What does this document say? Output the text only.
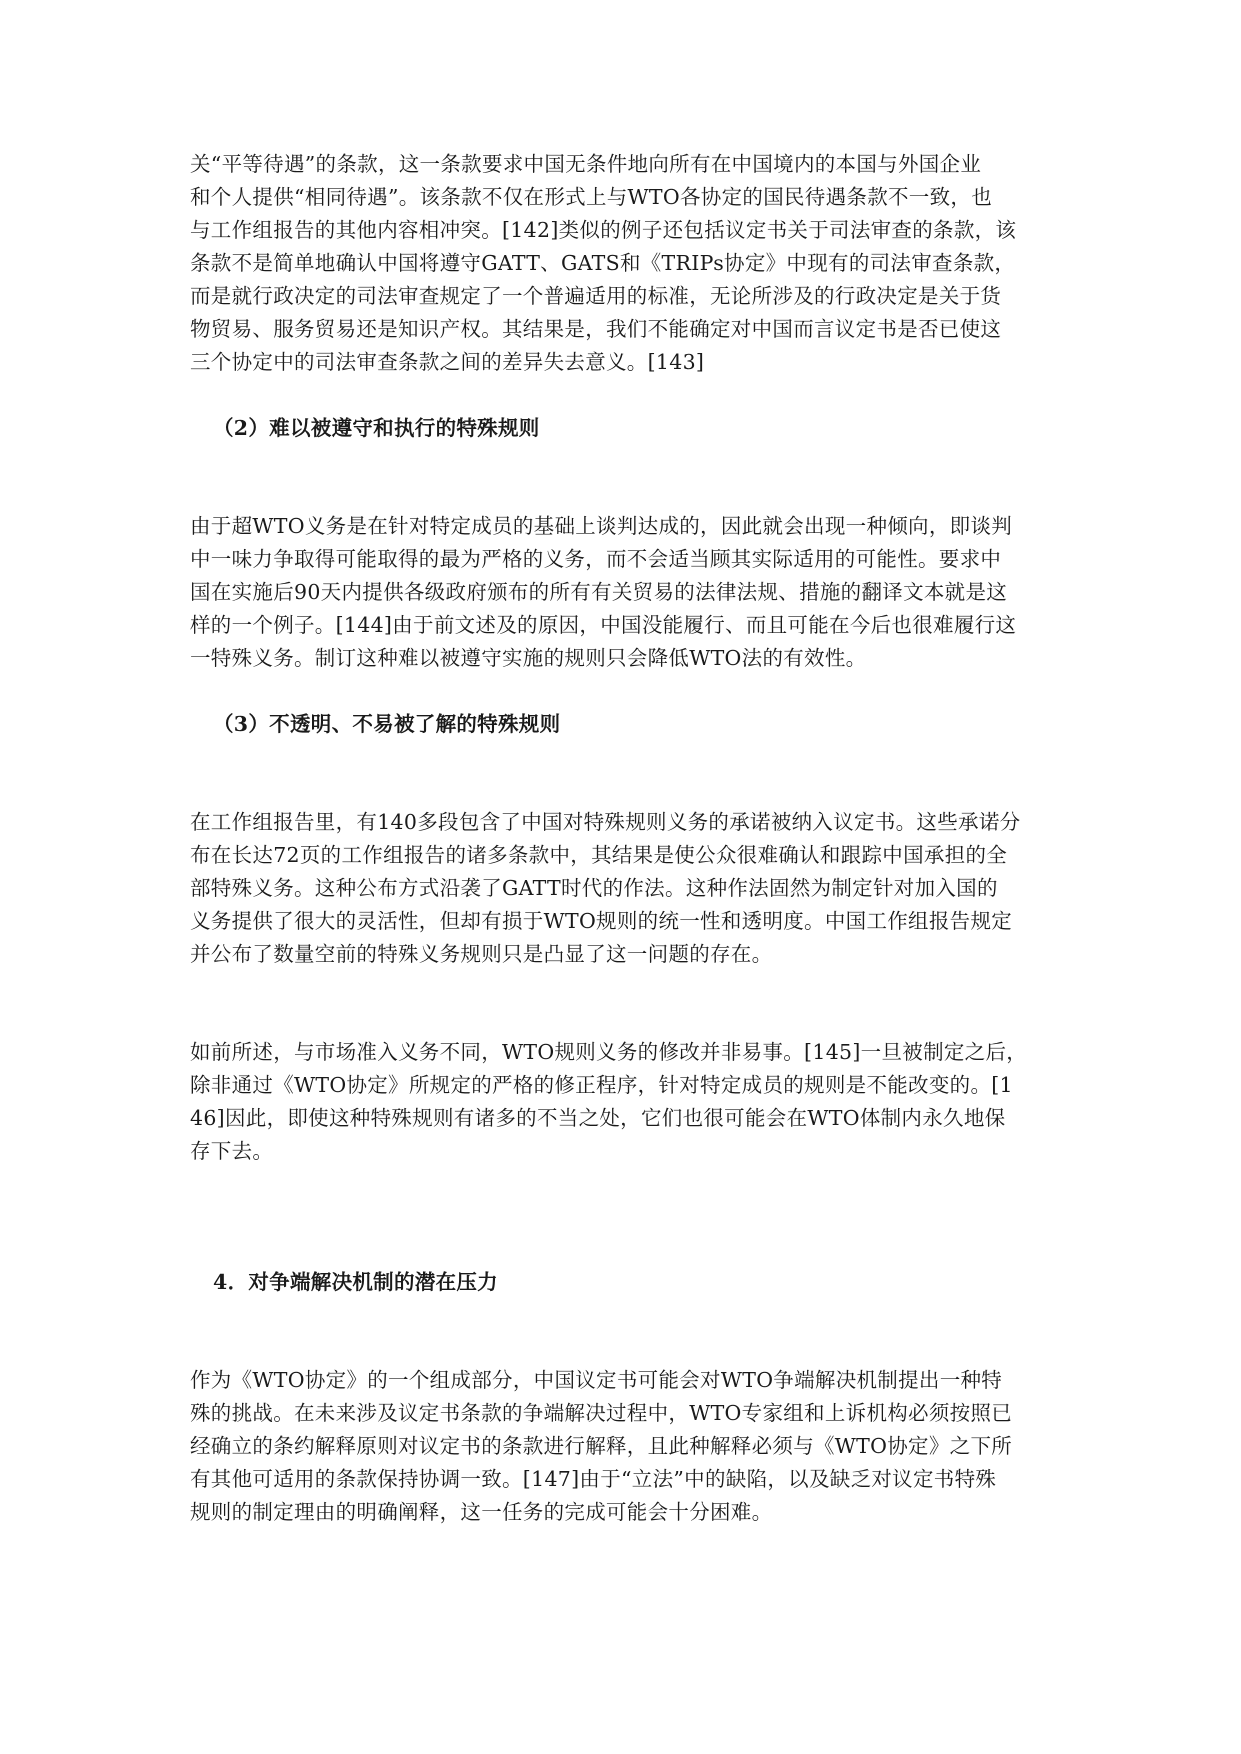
关“平等待遇”的条款，这一条款要求中国无条件地向所有在中国境内的本国与外国企业
和个人提供“相同待遇”。该条款不仅在形式上与WTO各协定的国民待遇条款不一致，也
与工作组报告的其他内容相冲突。[142]类似的例子还包括议定书关于司法审查的条款，该
条款不是简单地确认中国将遵守GATT、GATS和《TRIPs协定》中现有的司法审查条款，
而是就行政决定的司法审查规定了一个普遍适用的标准，无论所涉及的行政决定是关于货
物贸易、服务贸易还是知识产权。其结果是，我们不能确定对中国而言议定书是否已使这
三个协定中的司法审查条款之间的差异失去意义。[143]

（2）难以被遵守和执行的特殊规则

由于超WTO义务是在针对特定成员的基础上谈判达成的，因此就会出现一种倾向，即谈判
中一味力争取得可能取得的最为严格的义务，而不会适当顾其实际适用的可能性。要求中
国在实施后90天内提供各级政府颁布的所有有关贸易的法律法规、措施的翻译文本就是这
样的一个例子。[144]由于前文述及的原因，中国没能履行、而且可能在今后也很难履行这
一特殊义务。制订这种难以被遵守实施的规则只会降低WTO法的有效性。

（3）不透明、不易被了解的特殊规则

在工作组报告里，有140多段包含了中国对特殊规则义务的承诺被纳入议定书。这些承诺分
布在长达72页的工作组报告的诸多条款中，其结果是使公众很难确认和跟踪中国承担的全
部特殊义务。这种公布方式沿袭了GATT时代的作法。这种作法固然为制定针对加入国的
义务提供了很大的灵活性，但却有损于WTO规则的统一性和透明度。中国工作组报告规定
并公布了数量空前的特殊义务规则只是凸显了这一问题的存在。

如前所述，与市场准入义务不同，WTO规则义务的修改并非易事。[145]一旦被制定之后，
除非通过《WTO协定》所规定的严格的修正程序，针对特定成员的规则是不能改变的。[1
46]因此，即使这种特殊规则有诸多的不当之处，它们也很可能会在WTO体制内永久地保
存下去。

4．对争端解决机制的潜在压力

作为《WTO协定》的一个组成部分，中国议定书可能会对WTO争端解决机制提出一种特
殊的挑战。在未来涉及议定书条款的争端解决过程中，WTO专家组和上诉机构必须按照已
经确立的条约解释原则对议定书的条款进行解释，且此种解释必须与《WTO协定》之下所
有其他可适用的条款保持协调一致。[147]由于“立法”中的缺陷，以及缺乏对议定书特殊
规则的制定理由的明确阐释，这一任务的完成可能会十分困难。
